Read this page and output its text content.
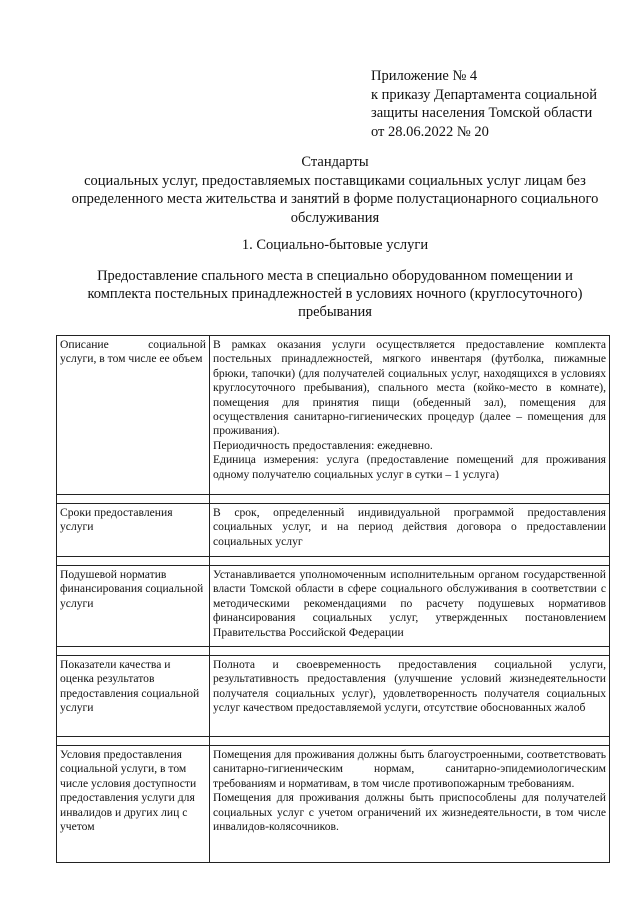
Приложение № 4
к приказу Департамента социальной
защиты населения Томской области
от 28.06.2022 № 20
Стандарты
социальных услуг, предоставляемых поставщиками социальных услуг лицам без
определенного места жительства и занятий в форме полустационарного социального
обслуживания
1. Социально-бытовые услуги
Предоставление спального места в специально оборудованном помещении и
комплекта постельных принадлежностей в условиях ночного (круглосуточного)
пребывания
Описание социальной услуги, в том числе ее объем	В рамках оказания услуги осуществляется предоставление комплекта постельных принадлежностей, мягкого инвентаря (футболка, пижамные брюки, тапочки) (для получателей социальных услуг, находящихся в условиях круглосуточного пребывания), спального места (койко-место в комнате), помещения для принятия пищи (обеденный зал), помещения для осуществления санитарно-гигиенических процедур (далее – помещения для проживания).
Периодичность предоставления: ежедневно.
Единица измерения: услуга (предоставление помещений для проживания одному получателю социальных услуг в сутки – 1 услуга)

Сроки предоставления услуги	В срок, определенный индивидуальной программой предоставления социальных услуг, и на период действия договора о предоставлении социальных услуг

Подушевой норматив финансирования социальной услуги	Устанавливается уполномоченным исполнительным органом государственной власти Томской области в сфере социального обслуживания в соответствии с методическими рекомендациями по расчету подушевых нормативов финансирования социальных услуг, утвержденных постановлением Правительства Российской Федерации

Показатели качества и оценка результатов предоставления социальной услуги	Полнота и своевременность предоставления социальной услуги, результативность предоставления (улучшение условий жизнедеятельности получателя социальных услуг), удовлетворенность получателя социальных услуг качеством предоставляемой услуги, отсутствие обоснованных жалоб

Условия предоставления социальной услуги, в том числе условия доступности предоставления услуги для инвалидов и других лиц с учетом	Помещения для проживания должны быть благоустроенными, соответствовать санитарно-гигиеническим нормам, санитарно-эпидемиологическим требованиям и нормативам, в том числе противопожарным требованиям.
Помещения для проживания должны быть приспособлены для получателей социальных услуг с учетом ограничений их жизнедеятельности, в том числе инвалидов-колясочников.
